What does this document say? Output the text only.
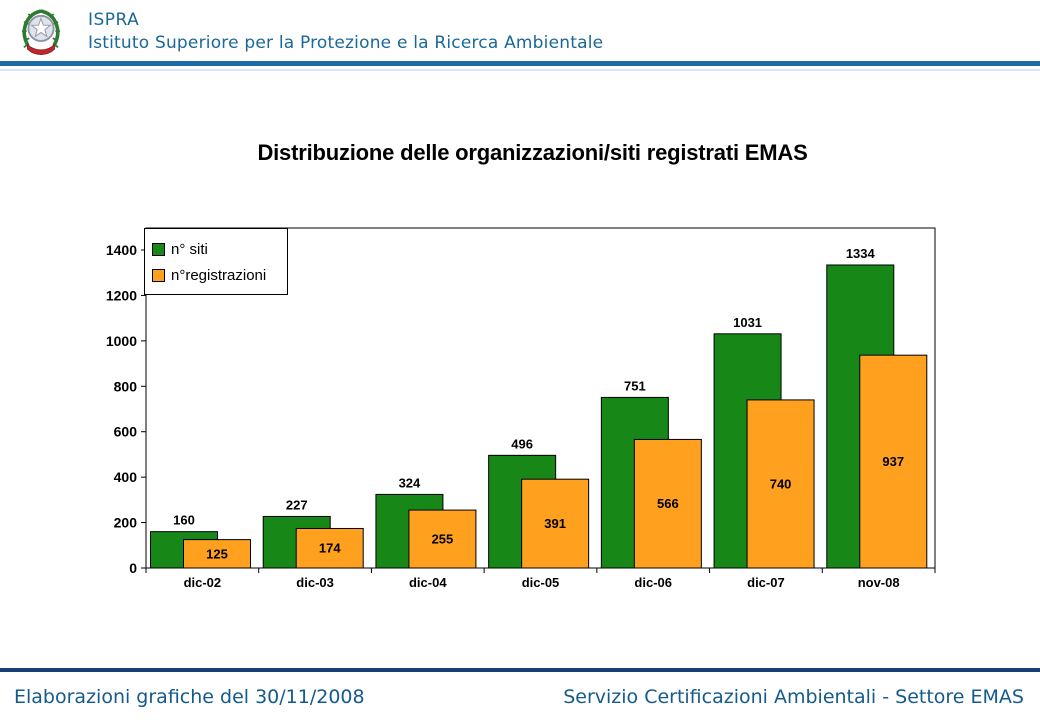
ISPRA
Istituto Superiore per la Protezione e la Ricerca Ambientale
Distribuzione delle organizzazioni/siti registrati EMAS
0
200
400
600
800
1000
1200
1400
dic-02	dic-03	dic-04	dic-05	dic-06	dic-07	nov-08
160
125
227
174
324
255
496
391
751
566
1031
740
1334
937
n° siti
n°registrazioni
Elaborazioni grafiche del 30/11/2008	Servizio Certificazioni Ambientali - Settore EMAS
